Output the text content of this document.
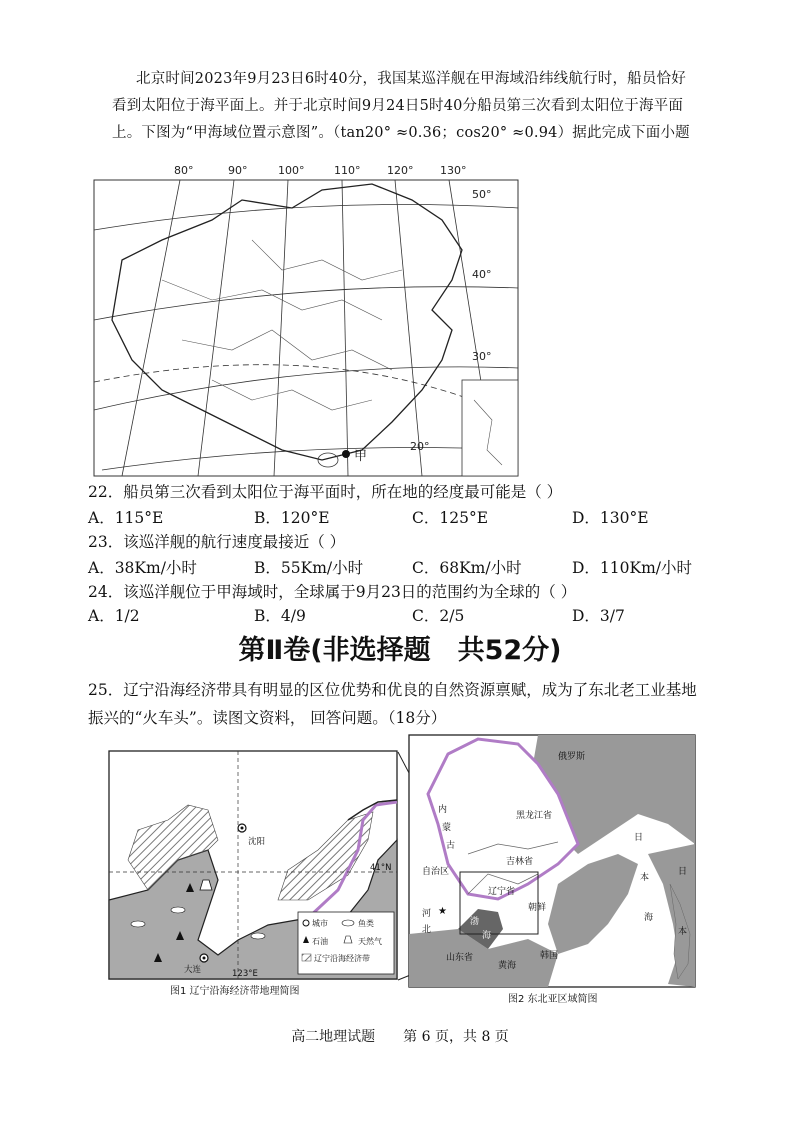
北京时间2023年9月23日6时40分，我国某巡洋舰在甲海域沿纬线航行时，船员恰好看到太阳位于海平面上。并于北京时间9月24日5时40分船员第三次看到太阳位于海平面上。下图为“甲海域位置示意图”。（tan20° ≈0.36；cos20° ≈0.94）据此完成下面小题
80°	90°	100°	110° 120° 130°
50°
40°
30°
20°
甲
22．船员第三次看到太阳位于海平面时，所在地的经度最可能是（ ）
A．115°E	B．120°E	C．125°E	D．130°E
23．该巡洋舰的航行速度最接近（ ）
A．38Km/小时	B．55Km/小时	C．68Km/小时	D．110Km/小时
24．该巡洋舰位于甲海域时，全球属于9月23日的范围约为全球的（ ）
A．1/2	B．4/9	C．2/5	D．3/7
第Ⅱ卷(非选择题　共52分)
25．辽宁沿海经济带具有明显的区位优势和优良的自然资源禀赋，成为了东北老工业基地振兴的“火车头”。读图文资料， 回答问题。（18分）
城市	鱼类
石油	天然气
辽宁沿海经济带
沈阳
大连
41°N
123°E
图1 辽宁沿海经济带地理简图
俄罗斯
黑龙江省
吉林省
辽宁省
内
蒙
古
自治区
河
北
朝鲜
韩国
山东省
渤
海
黄海
日
本
海
日
本
★
图2 东北亚区域简图
高二地理试题　　第 6 页，共 8 页
